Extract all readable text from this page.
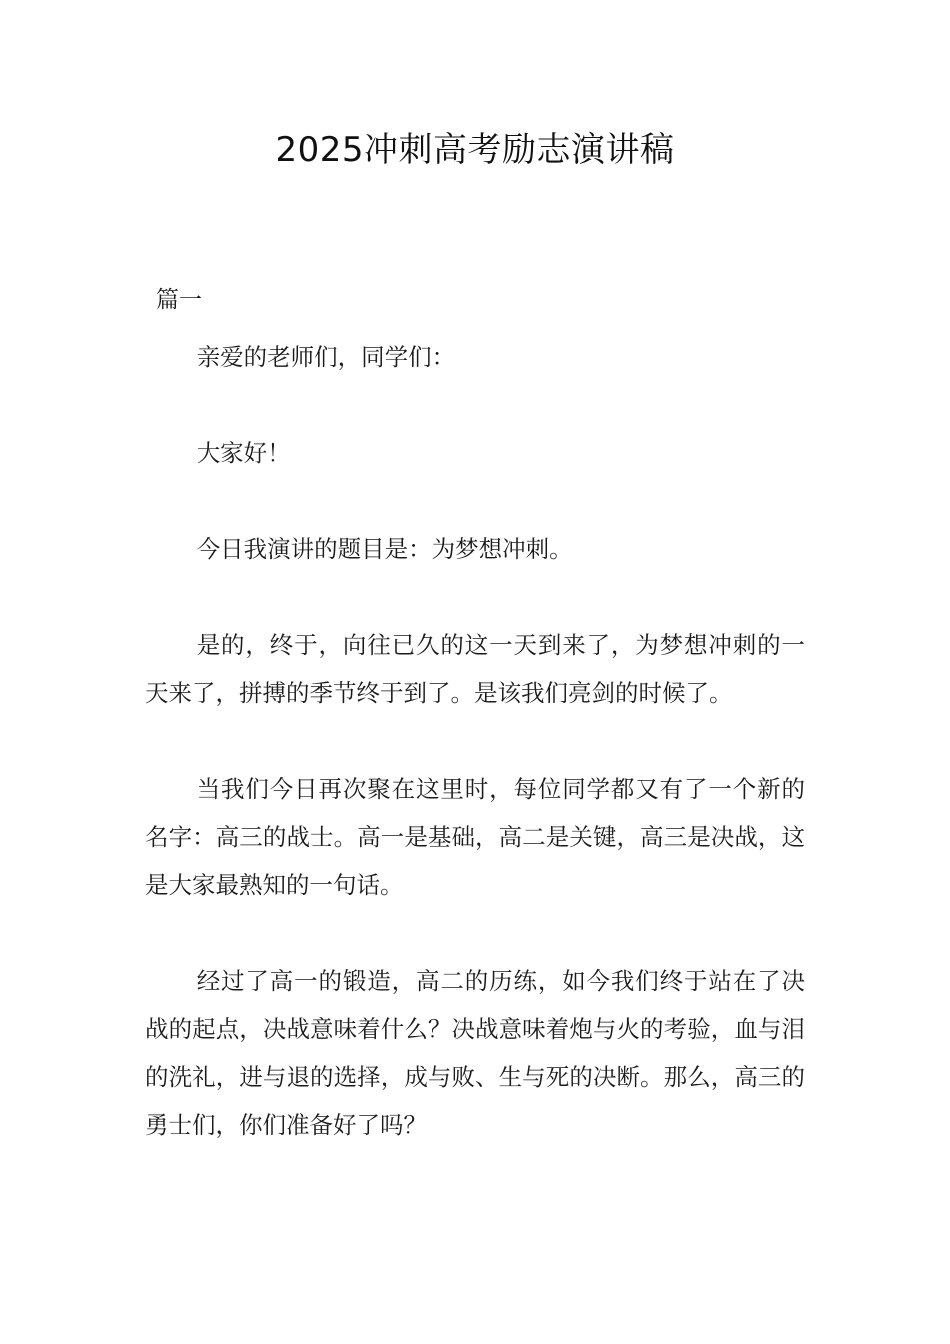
2025冲刺高考励志演讲稿

篇一

亲爱的老师们，同学们：

大家好！

今日我演讲的题目是：为梦想冲刺。

是的，终于，向往已久的这一天到来了，为梦想冲刺的一天来了，拼搏的季节终于到了。是该我们亮剑的时候了。

当我们今日再次聚在这里时，每位同学都又有了一个新的名字：高三的战士。高一是基础，高二是关键，高三是决战，这是大家最熟知的一句话。

经过了高一的锻造，高二的历练，如今我们终于站在了决战的起点，决战意味着什么？决战意味着炮与火的考验，血与泪的洗礼，进与退的选择，成与败、生与死的决断。那么，高三的勇士们，你们准备好了吗？
